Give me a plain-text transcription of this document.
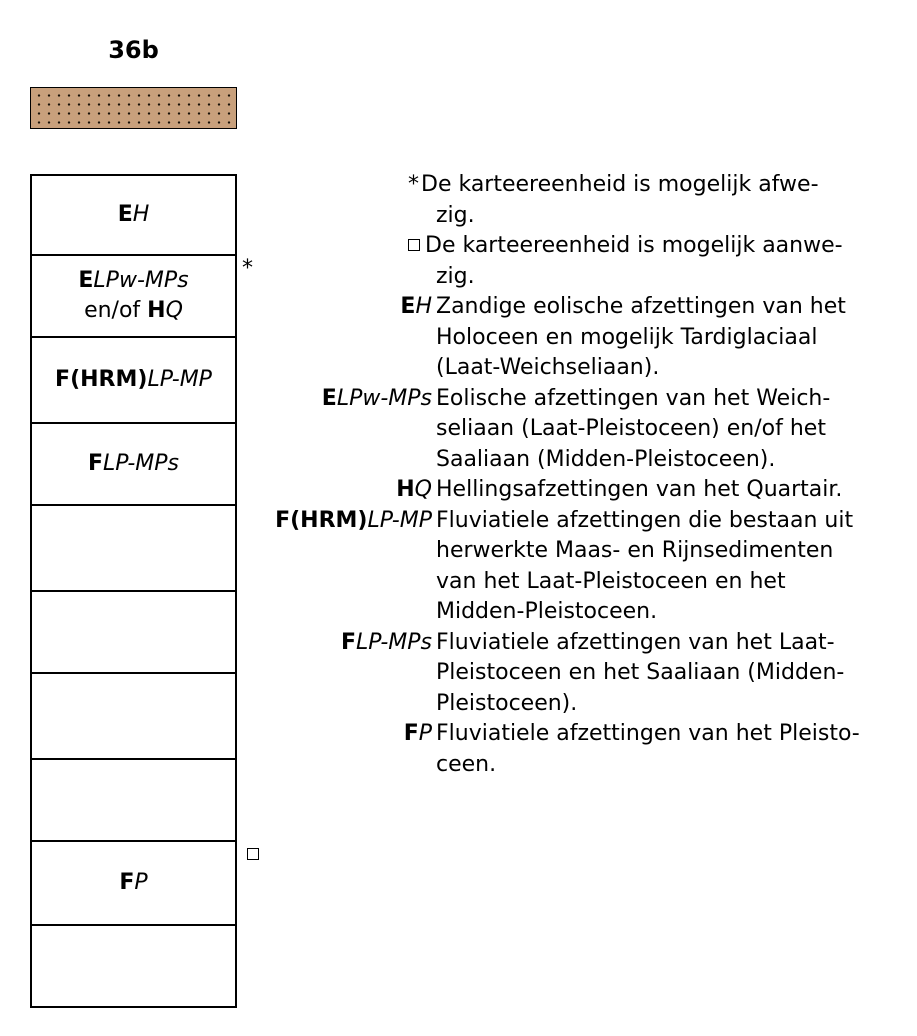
36b
EH
ELPw-MPs
en/of HQ
F(HRM)LP-MP
FLP-MPs
FP
*
* De karteereenheid is mogelijk afwe-
zig.
De karteereenheid is mogelijk aanwe-
zig.
EH Zandige eolische afzettingen van het
Holoceen en mogelijk Tardiglaciaal
(Laat-Weichseliaan).
ELPw-MPs Eolische afzettingen van het Weich-
seliaan (Laat-Pleistoceen) en/of het
Saaliaan (Midden-Pleistoceen).
HQ Hellingsafzettingen van het Quartair.
F(HRM)LP-MP Fluviatiele afzettingen die bestaan uit
herwerkte Maas- en Rijnsedimenten
van het Laat-Pleistoceen en het
Midden-Pleistoceen.
FLP-MPs Fluviatiele afzettingen van het Laat-
Pleistoceen en het Saaliaan (Midden-
Pleistoceen).
FP Fluviatiele afzettingen van het Pleisto-
ceen.
